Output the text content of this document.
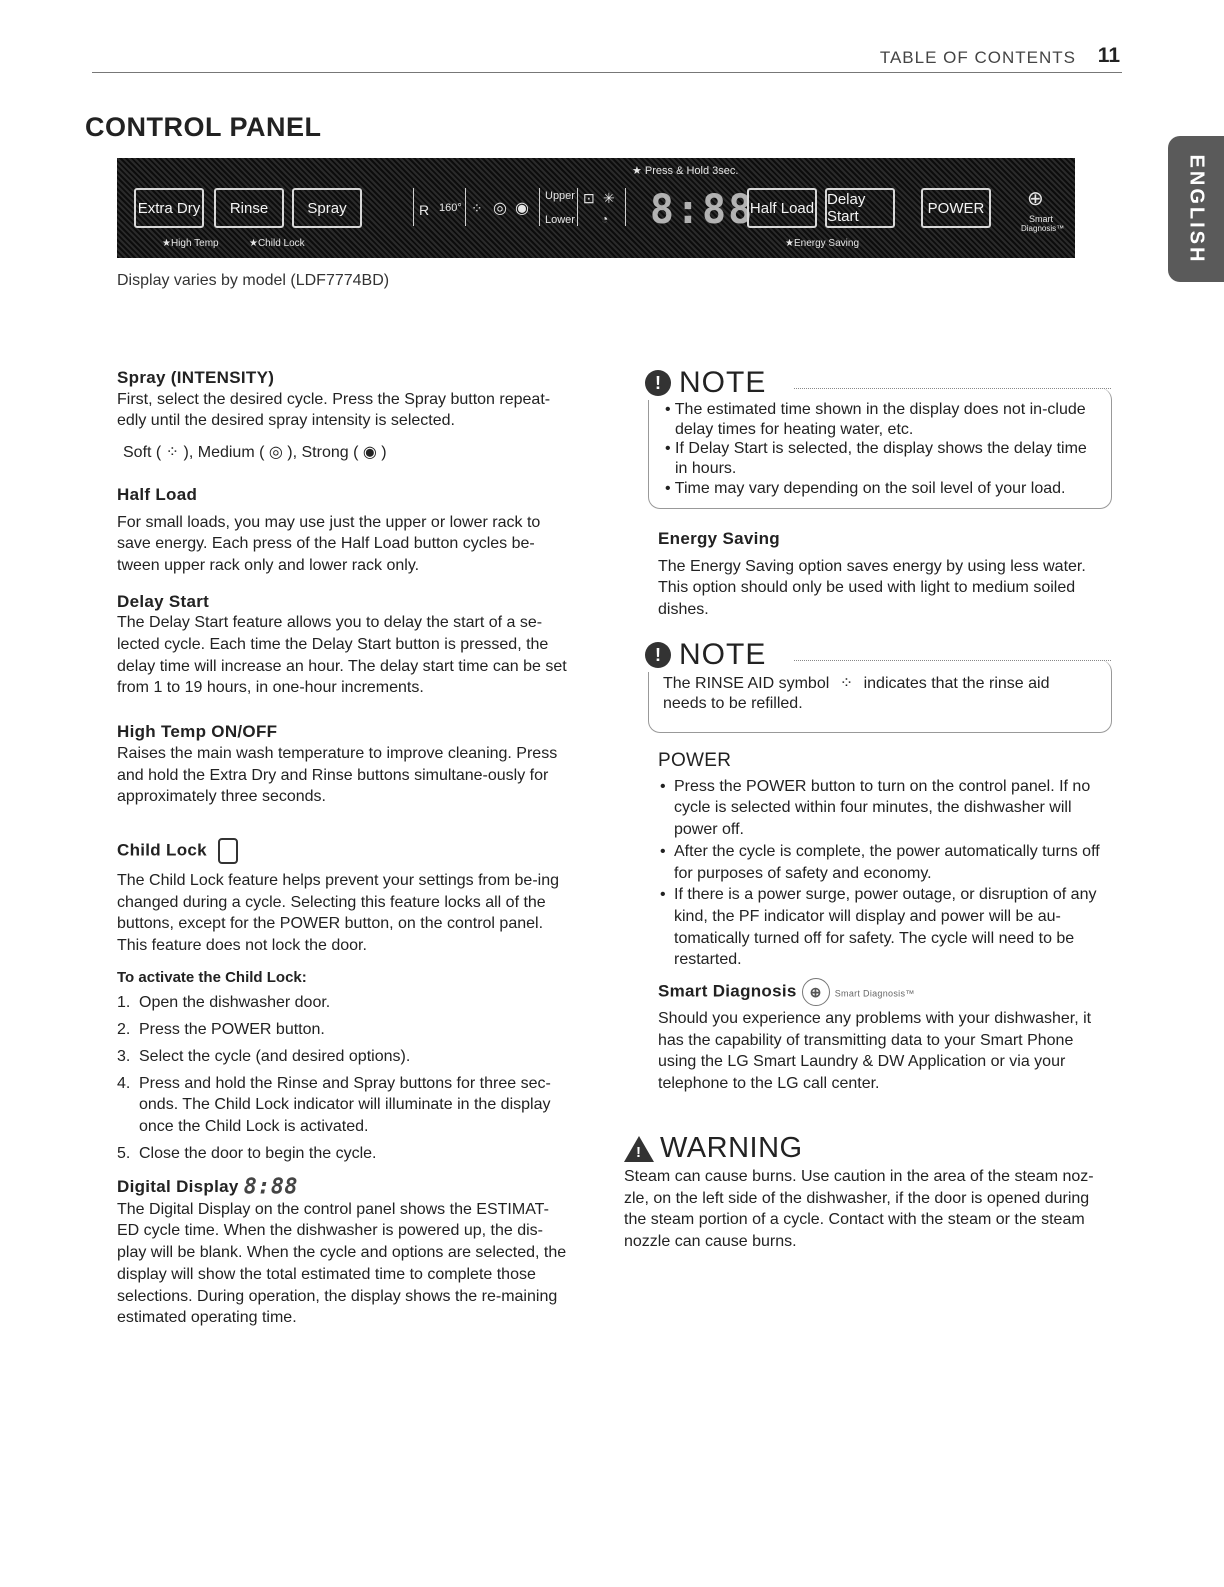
TABLE OF CONTENTS 11
CONTROL PANEL
ENGLISH
★ Press & Hold 3sec.
Extra Dry	Rinse	Spray
★High Temp	★Child Lock
R 160° ⁘ ◎ ◉
Upper
Lower
⊡ ✳
◔ 8:88
Half Load Delay Start
★Energy Saving
POWER	⊕
Smart
Diagnosis™
Display varies by model (LDF7774BD)
Spray (INTENSITY)

First, select the desired cycle. Press the Spray button repeat-edly until the desired spray intensity is selected.

Soft ( ⁘ ), Medium ( ◎ ), Strong ( ◉ )

Half Load

For small loads, you may use just the upper or lower rack to save energy. Each press of the Half Load button cycles be-tween upper rack only and lower rack only.

Delay Start

The Delay Start feature allows you to delay the start of a se-lected cycle. Each time the Delay Start button is pressed, the delay time will increase an hour. The delay start time can be set from 1 to 19 hours, in one-hour increments.

High Temp ON/OFF

Raises the main wash temperature to improve cleaning. Press and hold the Extra Dry and Rinse buttons simultane-ously for approximately three seconds.

Child Lock

The Child Lock feature helps prevent your settings from be-ing changed during a cycle. Selecting this feature locks all of the buttons, except for the POWER button, on the control panel. This feature does not lock the door.

To activate the Child Lock:

1. Open the dishwasher door.
2. Press the POWER button.
3. Select the cycle (and desired options).
4. Press and hold the Rinse and Spray buttons for three sec-onds. The Child Lock indicator will illuminate in the display once the Child Lock is activated.
5. Close the door to begin the cycle.
Digital Display 8:88

The Digital Display on the control panel shows the ESTIMAT-ED cycle time. When the dishwasher is powered up, the dis-play will be blank. When the cycle and options are selected, the display will show the total estimated time to complete those selections. During operation, the display shows the re-maining estimated operating time.

! NOTE
• The estimated time shown in the display does not in-clude delay times for heating water, etc.
• If Delay Start is selected, the display shows the delay time in hours.
• Time may vary depending on the soil level of your load.
Energy Saving

The Energy Saving option saves energy by using less water. This option should only be used with light to medium soiled dishes.

! NOTE
The RINSE AID symbol ⁘ indicates that the rinse aid needs to be refilled.
POWER
• Press the POWER button to turn on the control panel. If no cycle is selected within four minutes, the dishwasher will power off.
• After the cycle is complete, the power automatically turns off for purposes of safety and economy.
• If there is a power surge, power outage, or disruption of any kind, the PF indicator will display and power will be au-tomatically turned off for safety. The cycle will need to be restarted.
Smart Diagnosis ⊕ Smart Diagnosis™

Should you experience any problems with your dishwasher, it has the capability of transmitting data to your Smart Phone using the LG Smart Laundry & DW Application or via your telephone to the LG call center.

! WARNING

Steam can cause burns. Use caution in the area of the steam noz-zle, on the left side of the dishwasher, if the door is opened during the steam portion of a cycle. Contact with the steam or the steam nozzle can cause burns.
